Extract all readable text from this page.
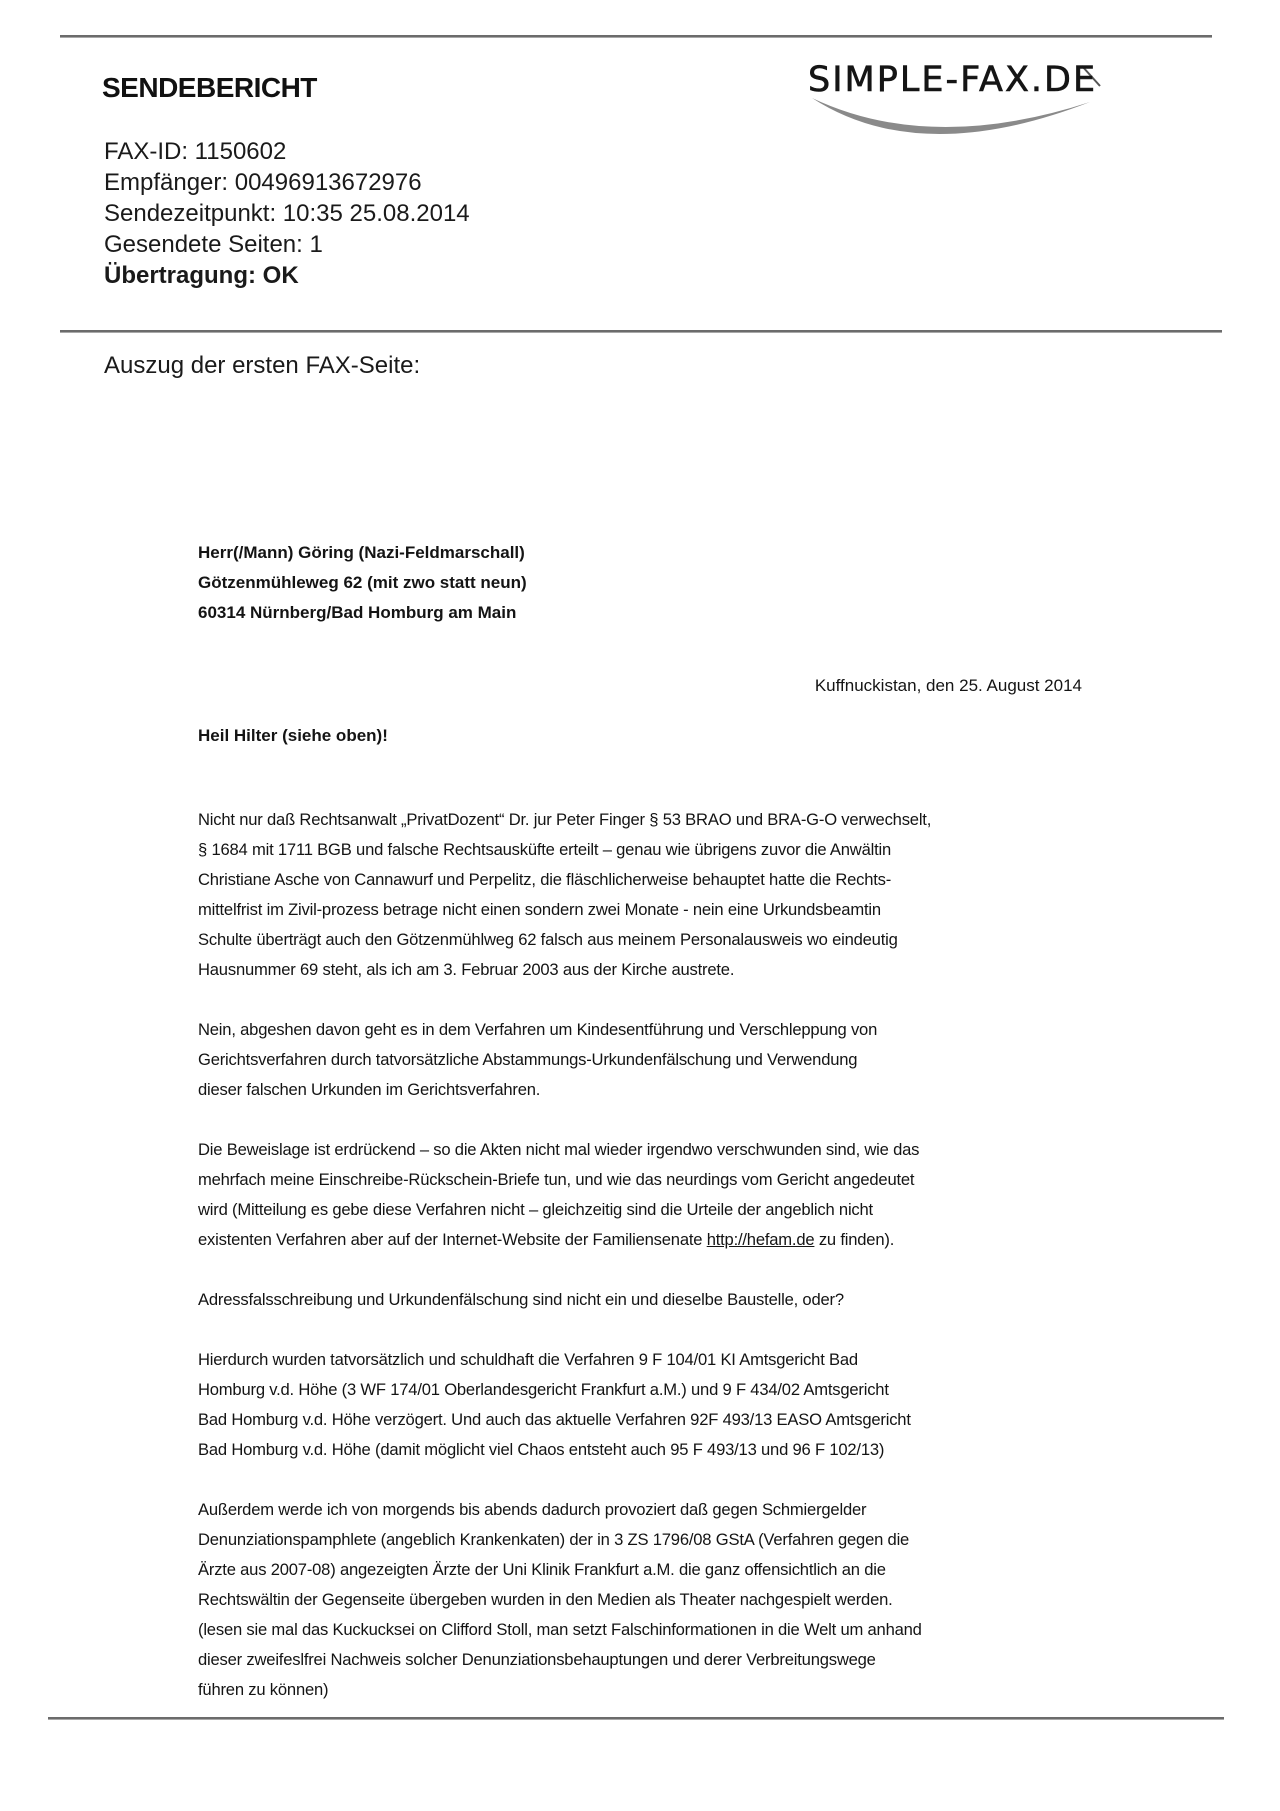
SENDEBERICHT
FAX-ID: 1150602
Empfänger: 00496913672976
Sendezeitpunkt: 10:35 25.08.2014
Gesendete Seiten: 1
Übertragung: OK
SIMPLE-FAX.DE
Auszug der ersten FAX-Seite:
Herr(/Mann) Göring (Nazi-Feldmarschall)
Götzenmühleweg 62 (mit zwo statt neun)
60314 Nürnberg/Bad Homburg am Main
Kuffnuckistan, den 25. August 2014
Heil Hilter (siehe oben)!

Nicht nur daß Rechtsanwalt „PrivatDozent“ Dr. jur Peter Finger § 53 BRAO und BRA-G-O verwechselt,
§ 1684 mit 1711 BGB und falsche Rechtsausküfte erteilt – genau wie übrigens zuvor die Anwältin
Christiane Asche von Cannawurf und Perpelitz, die fläschlicherweise behauptet hatte die Rechts-
mittelfrist im Zivil-prozess betrage nicht einen sondern zwei Monate - nein eine Urkundsbeamtin
Schulte überträgt auch den Götzenmühlweg 62 falsch aus meinem Personalausweis wo eindeutig
Hausnummer 69 steht, als ich am 3. Februar 2003 aus der Kirche austrete.

Nein, abgeshen davon geht es in dem Verfahren um Kindesentführung und Verschleppung von
Gerichtsverfahren durch tatvorsätzliche Abstammungs-Urkundenfälschung und Verwendung
dieser falschen Urkunden im Gerichtsverfahren.

Die Beweislage ist erdrückend – so die Akten nicht mal wieder irgendwo verschwunden sind, wie das
mehrfach meine Einschreibe-Rückschein-Briefe tun, und wie das neurdings vom Gericht angedeutet
wird (Mitteilung es gebe diese Verfahren nicht – gleichzeitig sind die Urteile der angeblich nicht
existenten Verfahren aber auf der Internet-Website der Familiensenate http://hefam.de zu finden).

Adressfalsschreibung und Urkundenfälschung sind nicht ein und dieselbe Baustelle, oder?

Hierdurch wurden tatvorsätzlich und schuldhaft die Verfahren 9 F 104/01 KI Amtsgericht Bad
Homburg v.d. Höhe (3 WF 174/01 Oberlandesgericht Frankfurt a.M.) und 9 F 434/02 Amtsgericht
Bad Homburg v.d. Höhe verzögert. Und auch das aktuelle Verfahren 92F 493/13 EASO Amtsgericht
Bad Homburg v.d. Höhe (damit möglicht viel Chaos entsteht auch 95 F 493/13 und 96 F 102/13)

Außerdem werde ich von morgends bis abends dadurch provoziert daß gegen Schmiergelder
Denunziationspamphlete (angeblich Krankenkaten) der in 3 ZS 1796/08 GStA (Verfahren gegen die
Ärzte aus 2007-08) angezeigten Ärzte der Uni Klinik Frankfurt a.M. die ganz offensichtlich an die
Rechtswältin der Gegenseite übergeben wurden in den Medien als Theater nachgespielt werden.
(lesen sie mal das Kuckucksei on Clifford Stoll, man setzt Falschinformationen in die Welt um anhand
dieser zweifeslfrei Nachweis solcher Denunziationsbehauptungen und derer Verbreitungswege
führen zu können)
